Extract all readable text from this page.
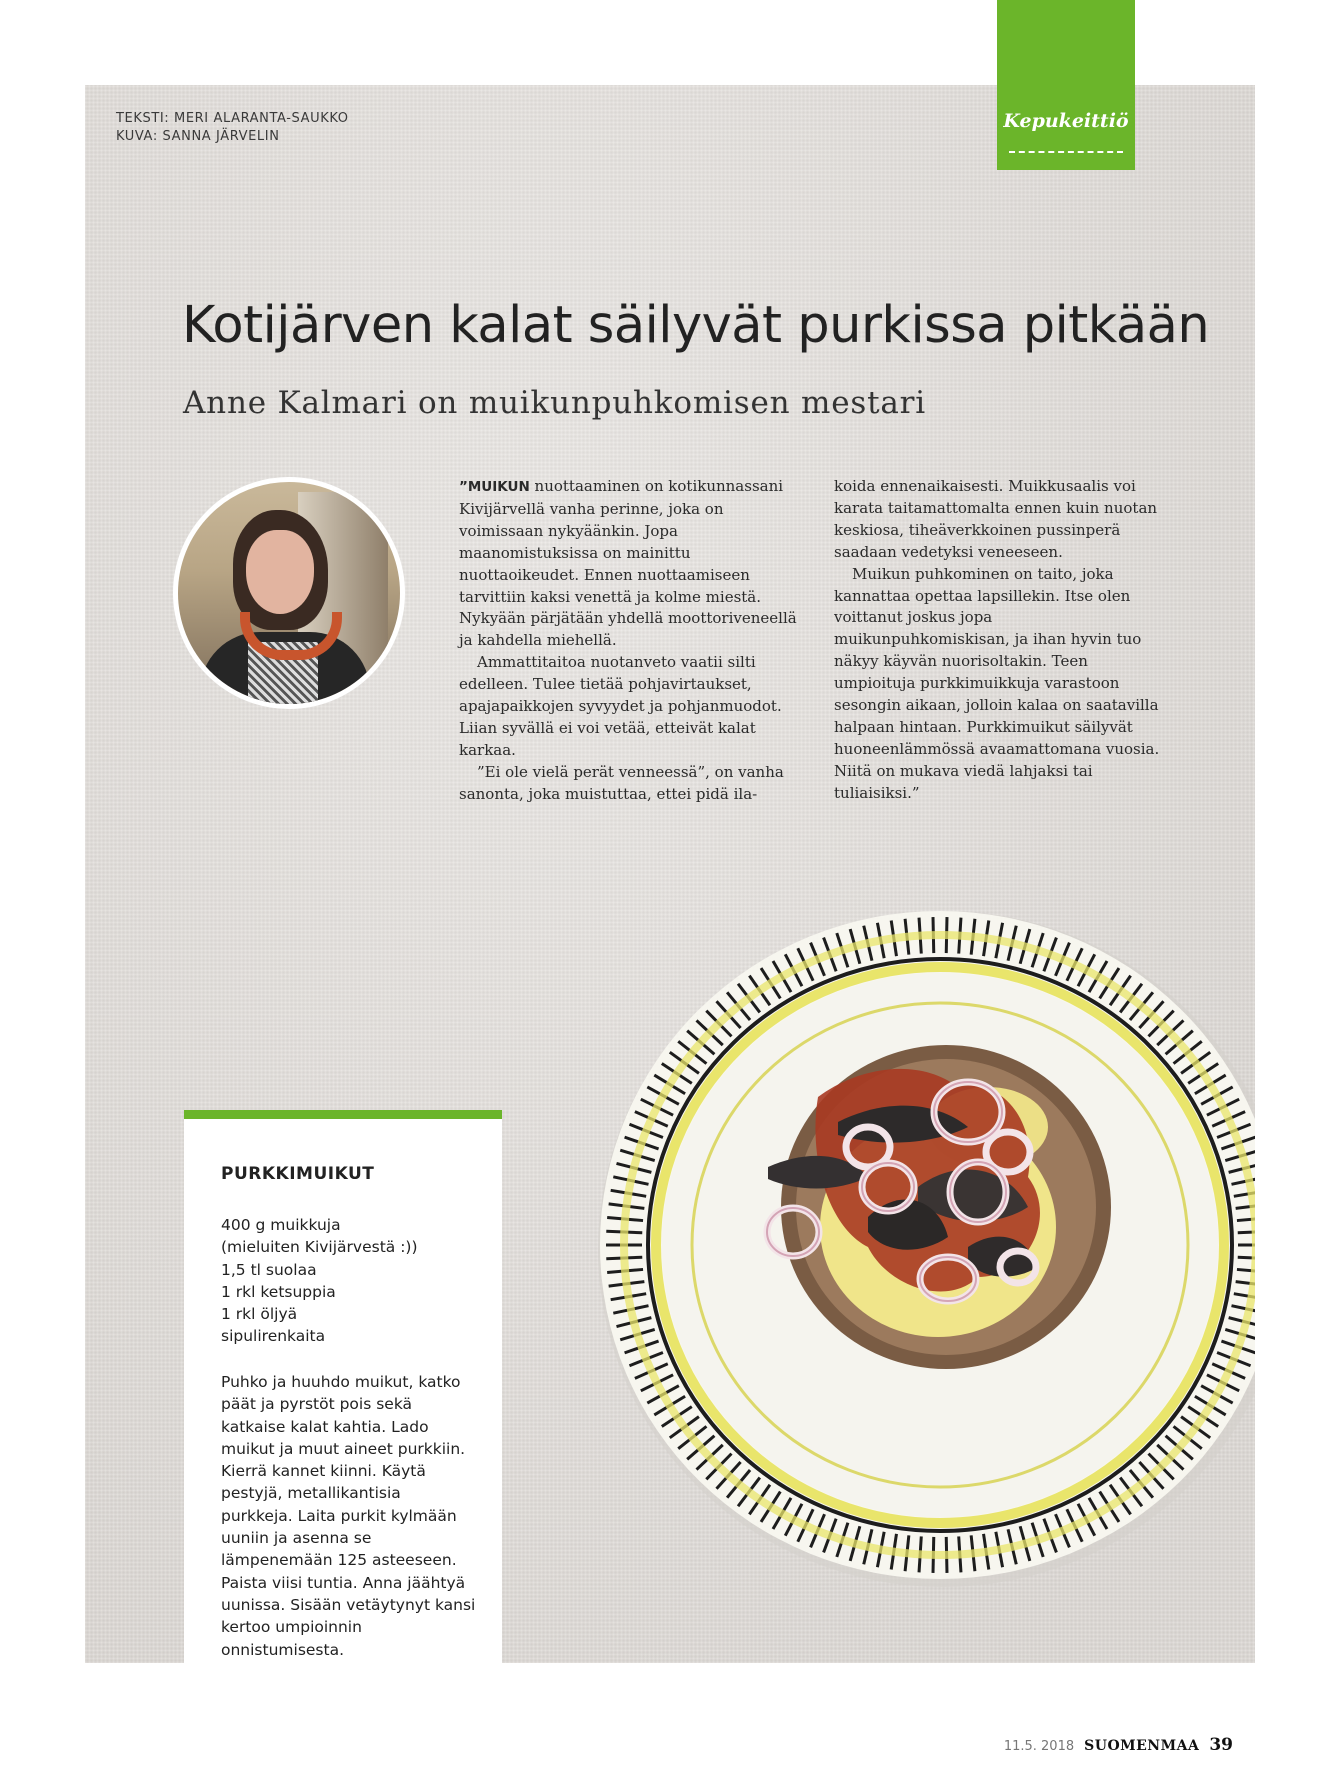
TEKSTI: MERI ALARANTA-SAUKKO
KUVA: SANNA JÄRVELIN
Kepukeittiö
Kotijärven kalat säilyvät purkissa pitkään
Anne Kalmari on muikunpuhkomisen mestari

”MUIKUN nuottaaminen on kotikunnassani Kivijärvellä vanha perinne, joka on voimissaan nykyäänkin. Jopa maanomistuksissa on mainittu nuottaoikeudet. Ennen nuottaamiseen tarvittiin kaksi venettä ja kolme miestä. Nykyään pärjätään yhdellä moottoriveneellä ja kahdella miehellä.

Ammattitaitoa nuotanveto vaatii silti edelleen. Tulee tietää pohjavirtaukset, apajapaikkojen syvyydet ja pohjanmuodot. Liian syvällä ei voi vetää, etteivät kalat karkaa.

”Ei ole vielä perät venneessä”, on vanha sanonta, joka muistuttaa, ettei pidä ila-

koida ennenaikaisesti. Muikkusaalis voi karata taitamattomalta ennen kuin nuotan keskiosa, tiheäverkkoinen pussinperä saadaan vedetyksi veneeseen.

Muikun puhkominen on taito, joka kannattaa opettaa lapsillekin. Itse olen voittanut joskus jopa muikunpuhkomiskisan, ja ihan hyvin tuo näkyy käyvän nuorisoltakin. Teen umpioituja purkkimuikkuja varastoon sesongin aikaan, jolloin kalaa on saatavilla halpaan hintaan. Purkkimuikut säilyvät huoneenlämmössä avaamattomana vuosia. Niitä on mukava viedä lahjaksi tai tuliaisiksi.”

PURKKIMUIKUT
400 g muikkuja
(mieluiten Kivijärvestä :))
1,5 tl suolaa
1 rkl ketsuppia
1 rkl öljyä
sipulirenkaita

Puhko ja huuhdo muikut, katko päät ja pyrstöt pois sekä katkaise kalat kahtia. Lado muikut ja muut aineet purkkiin. Kierrä kannet kiinni. Käytä pestyjä, metallikantisia purkkeja. Laita purkit kylmään uuniin ja asenna se lämpenemään 125 asteeseen. Paista viisi tuntia. Anna jäähtyä uunissa. Sisään vetäytynyt kansi kertoo umpioinnin onnistumisesta.

11.5. 2018 SUOMENMAA 39
